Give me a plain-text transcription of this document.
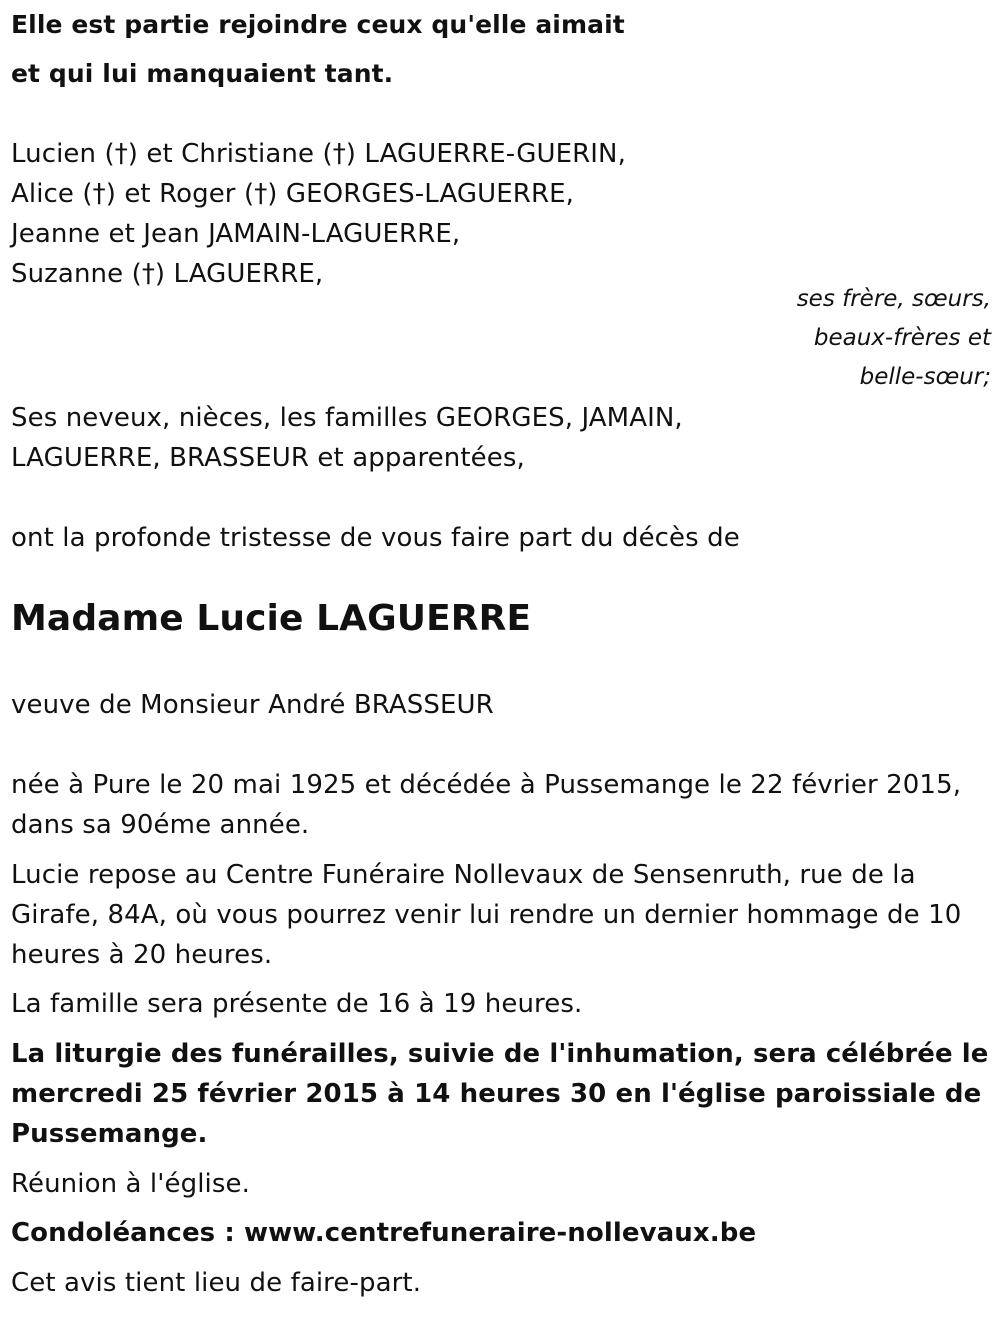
Elle est partie rejoindre ceux qu'elle aimait
et qui lui manquaient tant.
Lucien (†) et Christiane (†) LAGUERRE-GUERIN,
Alice (†) et Roger (†) GEORGES-LAGUERRE,
Jeanne et Jean JAMAIN-LAGUERRE,
Suzanne (†) LAGUERRE,
ses frère, sœurs,
beaux-frères et
belle-sœur;
Ses neveux, nièces, les familles GEORGES, JAMAIN,
LAGUERRE, BRASSEUR et apparentées,
ont la profonde tristesse de vous faire part du décès de
Madame Lucie LAGUERRE
veuve de Monsieur André BRASSEUR
née à Pure le 20 mai 1925 et décédée à Pussemange le 22 février 2015,
dans sa 90éme année.
Lucie repose au Centre Funéraire Nollevaux de Sensenruth, rue de la
Girafe, 84A, où vous pourrez venir lui rendre un dernier hommage de 10
heures à 20 heures.
La famille sera présente de 16 à 19 heures.
La liturgie des funérailles, suivie de l'inhumation, sera célébrée le
mercredi 25 février 2015 à 14 heures 30 en l'église paroissiale de
Pussemange.
Réunion à l'église.
Condoléances : www.centrefuneraire-nollevaux.be
Cet avis tient lieu de faire-part.
